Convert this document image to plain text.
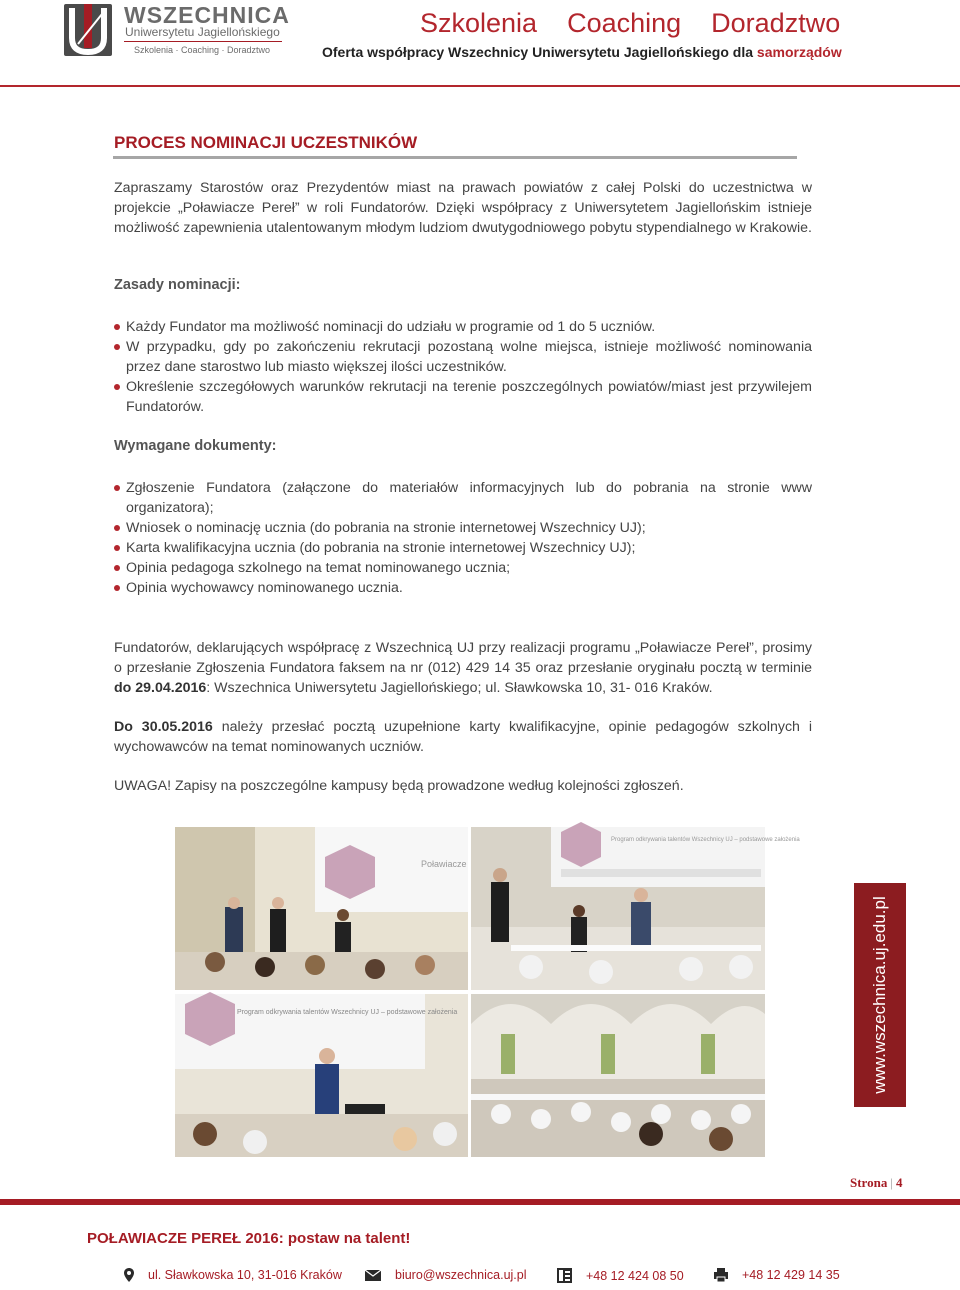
WSZECHNICA
Uniwersytetu Jagiellońskiego
Szkolenia · Coaching · Doradztwo
Szkolenia Coaching Doradztwo
Oferta współpracy Wszechnicy Uniwersytetu Jagiellońskiego dla samorządów
PROCES NOMINACJI UCZESTNIKÓW
Zapraszamy Starostów oraz Prezydentów miast na prawach powiatów z całej Polski do uczestnictwa w projekcie „Poławiacze Pereł” w roli Fundatorów. Dzięki współpracy z Uniwersytetem Jagiellońskim istnieje możliwość zapewnienia utalentowanym młodym ludziom dwutygodniowego pobytu stypendialnego w Krakowie.
Zasady nominacji:
Każdy Fundator ma możliwość nominacji do udziału w programie od 1 do 5 uczniów.
W przypadku, gdy po zakończeniu rekrutacji pozostaną wolne miejsca, istnieje możliwość nominowania przez dane starostwo lub miasto większej ilości uczestników.
Określenie szczegółowych warunków rekrutacji na terenie poszczególnych powiatów/miast jest przywilejem Fundatorów.
Wymagane dokumenty:
Zgłoszenie Fundatora (załączone do materiałów informacyjnych lub do pobrania na stronie www organizatora);
Wniosek o nominację ucznia (do pobrania na stronie internetowej Wszechnicy UJ);
Karta kwalifikacyjna ucznia (do pobrania na stronie internetowej Wszechnicy UJ);
Opinia pedagoga szkolnego na temat nominowanego ucznia;
Opinia wychowawcy nominowanego ucznia.
Fundatorów, deklarujących współpracę z Wszechnicą UJ przy realizacji programu „Poławiacze Pereł”, prosimy o przesłanie Zgłoszenia Fundatora faksem na nr (012) 429 14 35 oraz przesłanie oryginału pocztą w terminie do 29.04.2016: Wszechnica Uniwersytetu Jagiellońskiego; ul. Sławkowska 10, 31- 016 Kraków.
Do 30.05.2016 należy przesłać pocztą uzupełnione karty kwalifikacyjne, opinie pedagogów szkolnych i wychowawców na temat nominowanych uczniów.
UWAGA! Zapisy na poszczególne kampusy będą prowadzone według kolejności zgłoszeń.
Poławiacze
Program odkrywania talentów Wszechnicy UJ – podstawowe założenia
Program odkrywania talentów Wszechnicy UJ – podstawowe założenia	www.wszechnica.uj.edu.pl
Strona | 4
POŁAWIACZE PEREŁ 2016: postaw na talent!
ul. Sławkowska 10, 31-016 Kraków	biuro@wszechnica.uj.pl	+48 12 424 08 50	+48 12 429 14 35
